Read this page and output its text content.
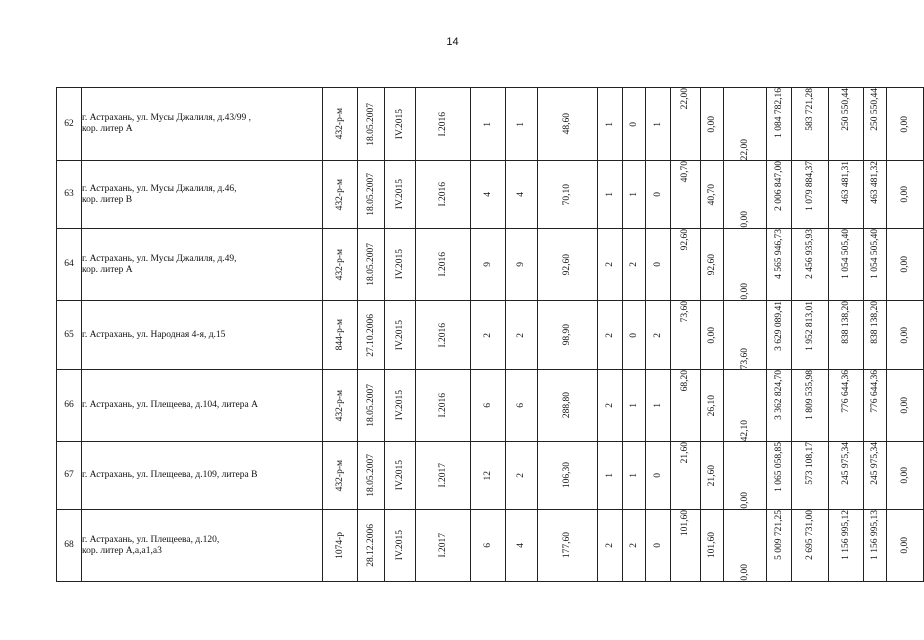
14
62	г. Астрахань, ул. Мусы Джалиля, д.43/99 ,
кор. литер А	432-р-м	18.05.2007	IV.2015	I.2016	1	1	48,60	1	0	1	22,00	0,00	22,00	1 084 782,16	583 721,28	250 550,44	250 550,44	0,00

63	г. Астрахань, ул. Мусы Джалиля, д.46,
кор. литер В	432-р-м	18.05.2007	IV.2015	I.2016	4	4	70,10	1	1	0	40,70	40,70	0,00	2 006 847,00	1 079 884,37	463 481,31	463 481,32	0,00

64	г. Астрахань, ул. Мусы Джалиля, д.49,
кор. литер А	432-р-м	18.05.2007	IV.2015	I.2016	9	9	92,60	2	2	0	92,60	92,60	0,00	4 565 946,73	2 456 935,93	1 054 505,40	1 054 505,40	0,00

65	г. Астрахань, ул. Народная 4-я, д.15	844-р-м	27.10.2006	IV.2015	I.2016	2	2	98,90	2	0	2	73,60	0,00	73,60	3 629 089,41	1 952 813,01	838 138,20	838 138,20	0,00

66	г. Астрахань, ул. Плещеева, д.104, литера А	432-р-м	18.05.2007	IV.2015	I.2016	6	6	288,80	2	1	1	68,20	26,10	42,10	3 362 824,70	1 809 535,98	776 644,36	776 644,36	0,00

67	г. Астрахань, ул. Плещеева, д.109, литера В	432-р-м	18.05.2007	IV.2015	I.2017	12	2	106,30	1	1	0	21,60	21,60	0,00	1 065 058,85	573 108,17	245 975,34	245 975,34	0,00

68	г. Астрахань, ул. Плещеева, д.120,
кор. литер А,а,а1,а3	1074-р	28.12.2006	IV.2015	I.2017	6	4	177,60	2	2	0	101,60	101,60	0,00	5 009 721,25	2 695 731,00	1 156 995,12	1 156 995,13	0,00
